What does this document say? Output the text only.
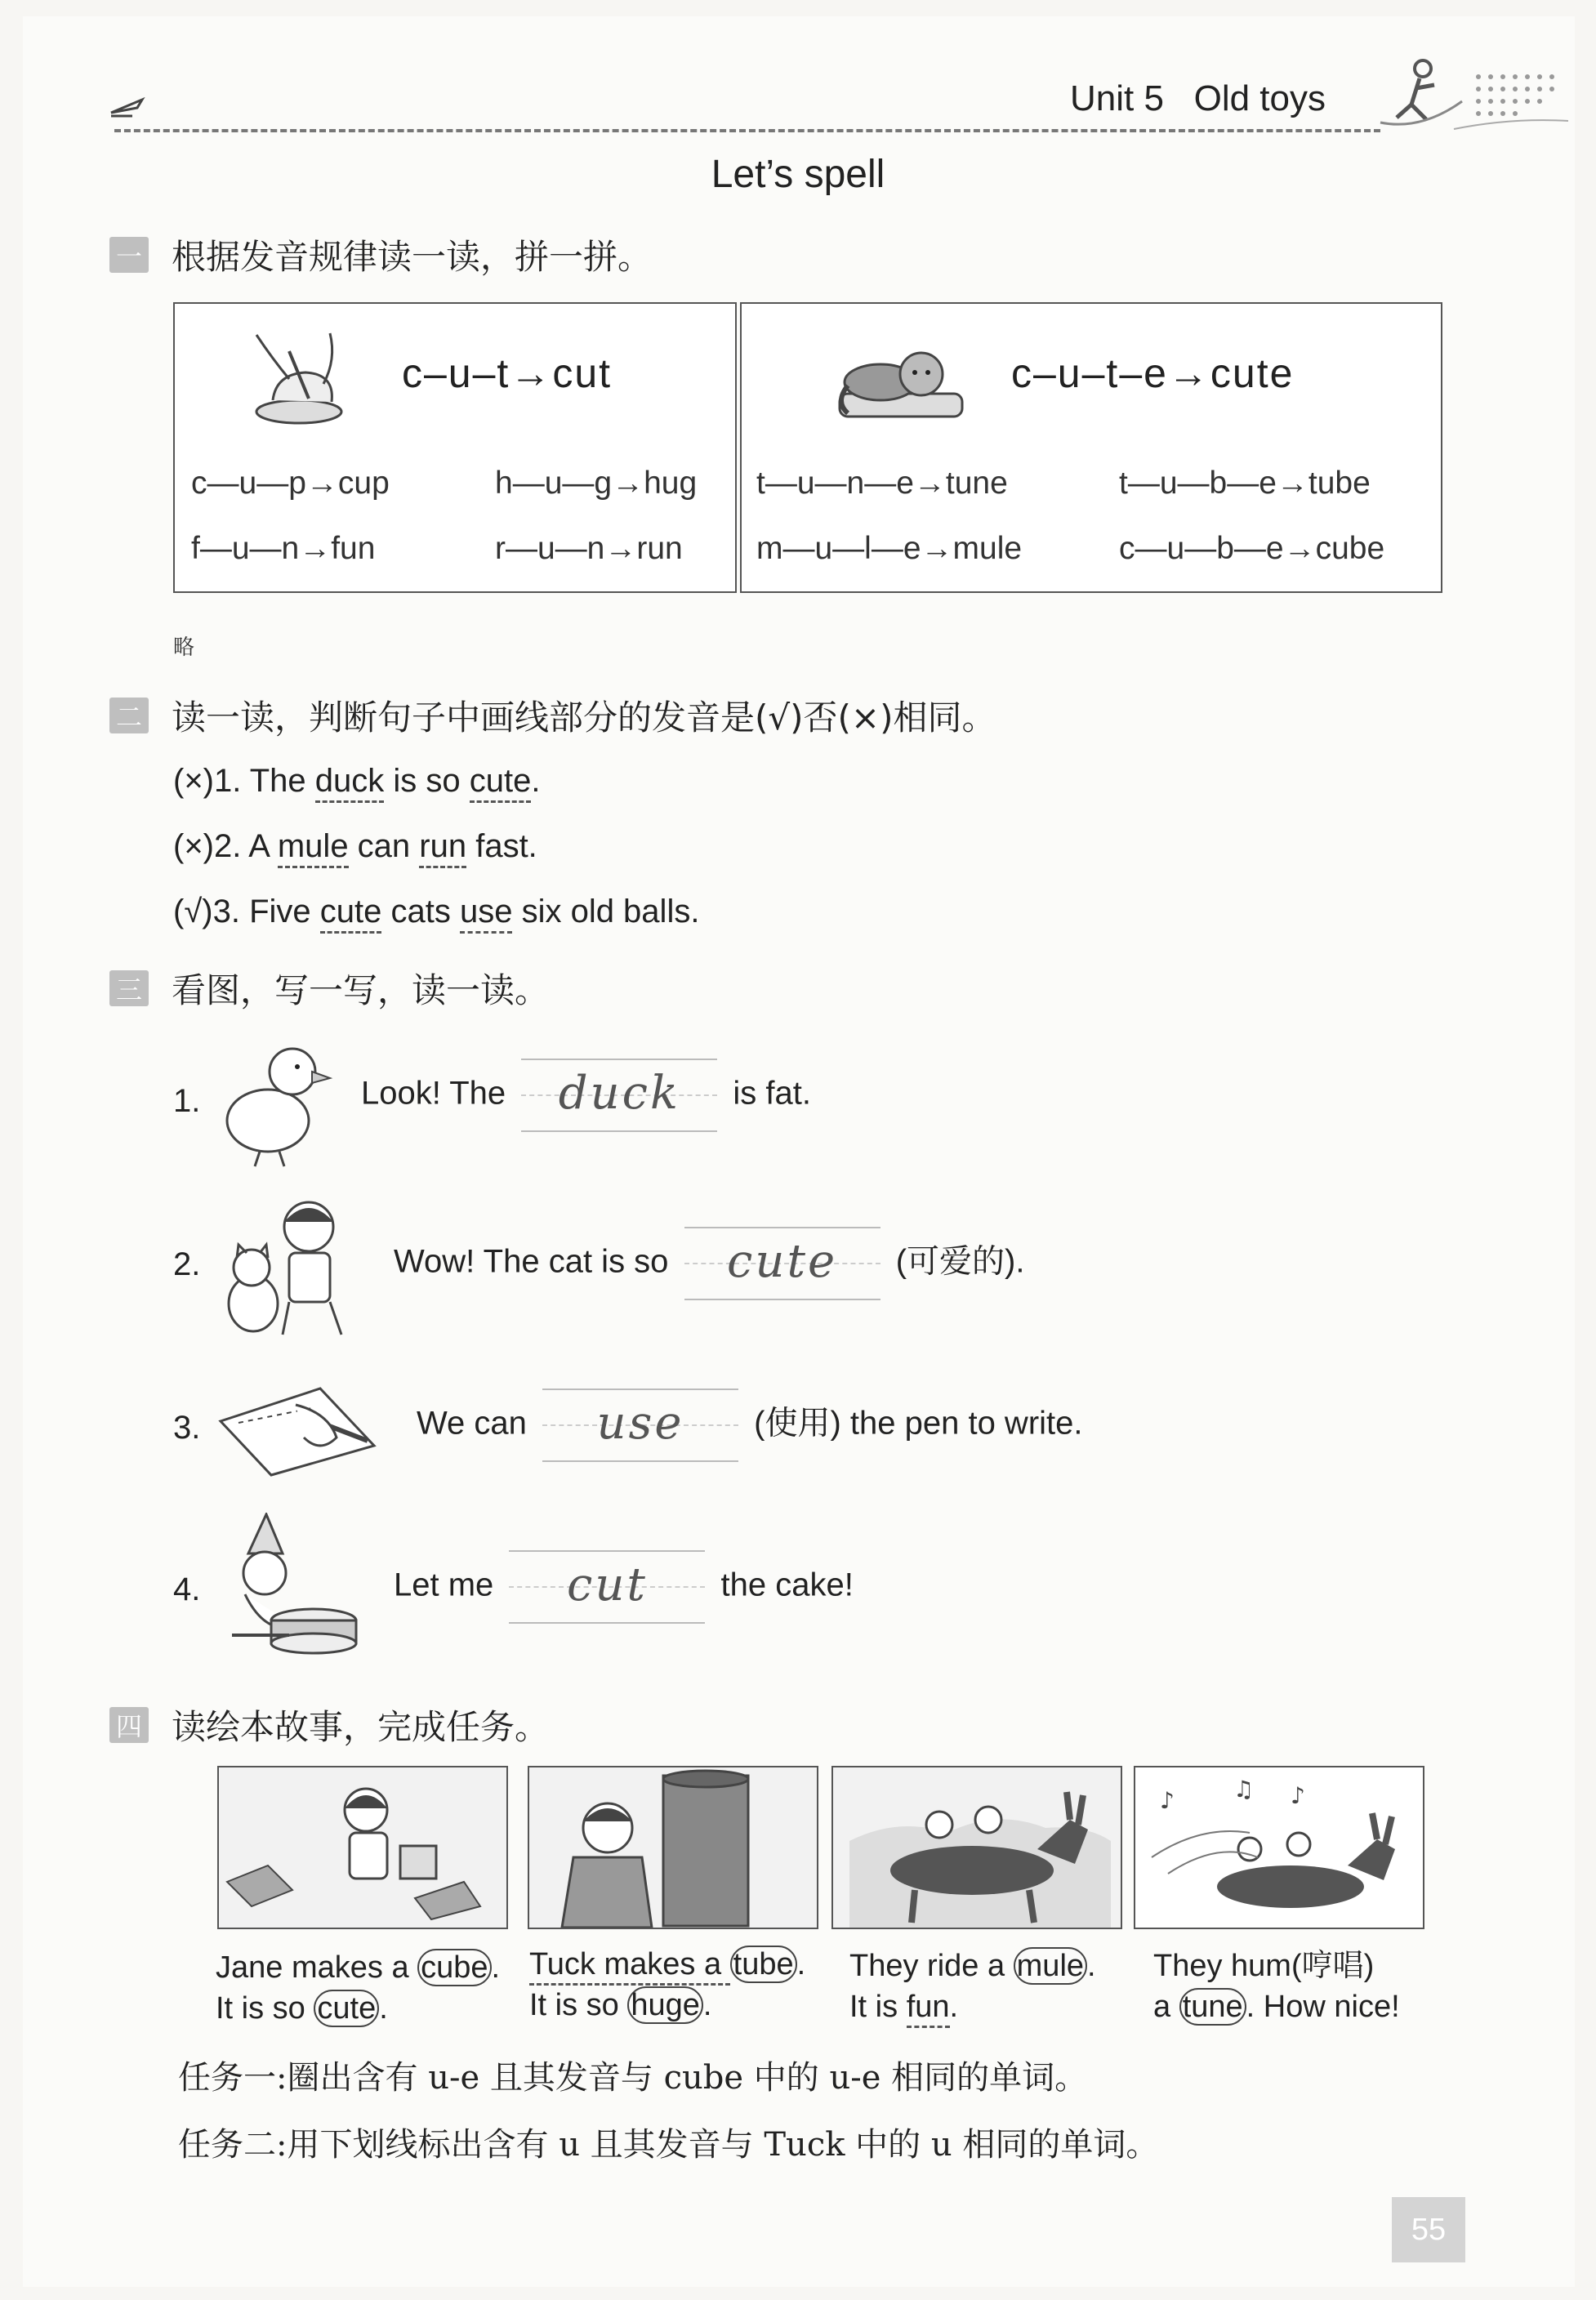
Unit 5   Old toys
Let’s spell
一 根据发音规律读一读，拼一拼。
c–u–t→cut
c—u—p→cup	h—u—g→hug
f—u—n→fun	r—u—n→run
c–u–t–e→cute
t—u—n—e→tune	t—u—b—e→tube
m—u—l—e→mule	c—u—b—e→cube
略
二 读一读，判断句子中画线部分的发音是(√)否(×)相同。
(×)1. The duck is so cute.
(×)2. A mule can run fast.
(√)3. Five cute cats use six old balls.
三 看图，写一写，读一读。
1.	Look! The	duck	is fat.
2.	Wow! The cat is so	cute	(可爱的).
3.	We can	use	(使用) the pen to write.
4.	Let me	cut	the cake!
四 读绘本故事，完成任务。
♪	♫ ♪
Jane makes a cube .
It is so cute .
Tuck makes a tube .
It is so huge .
They ride a mule .
It is fun.
They hum(哼唱)
a tune . How nice!
任务一:圈出含有 u-e 且其发音与 cube 中的 u-e 相同的单词。
任务二:用下划线标出含有 u 且其发音与 Tuck 中的 u 相同的单词。
55
